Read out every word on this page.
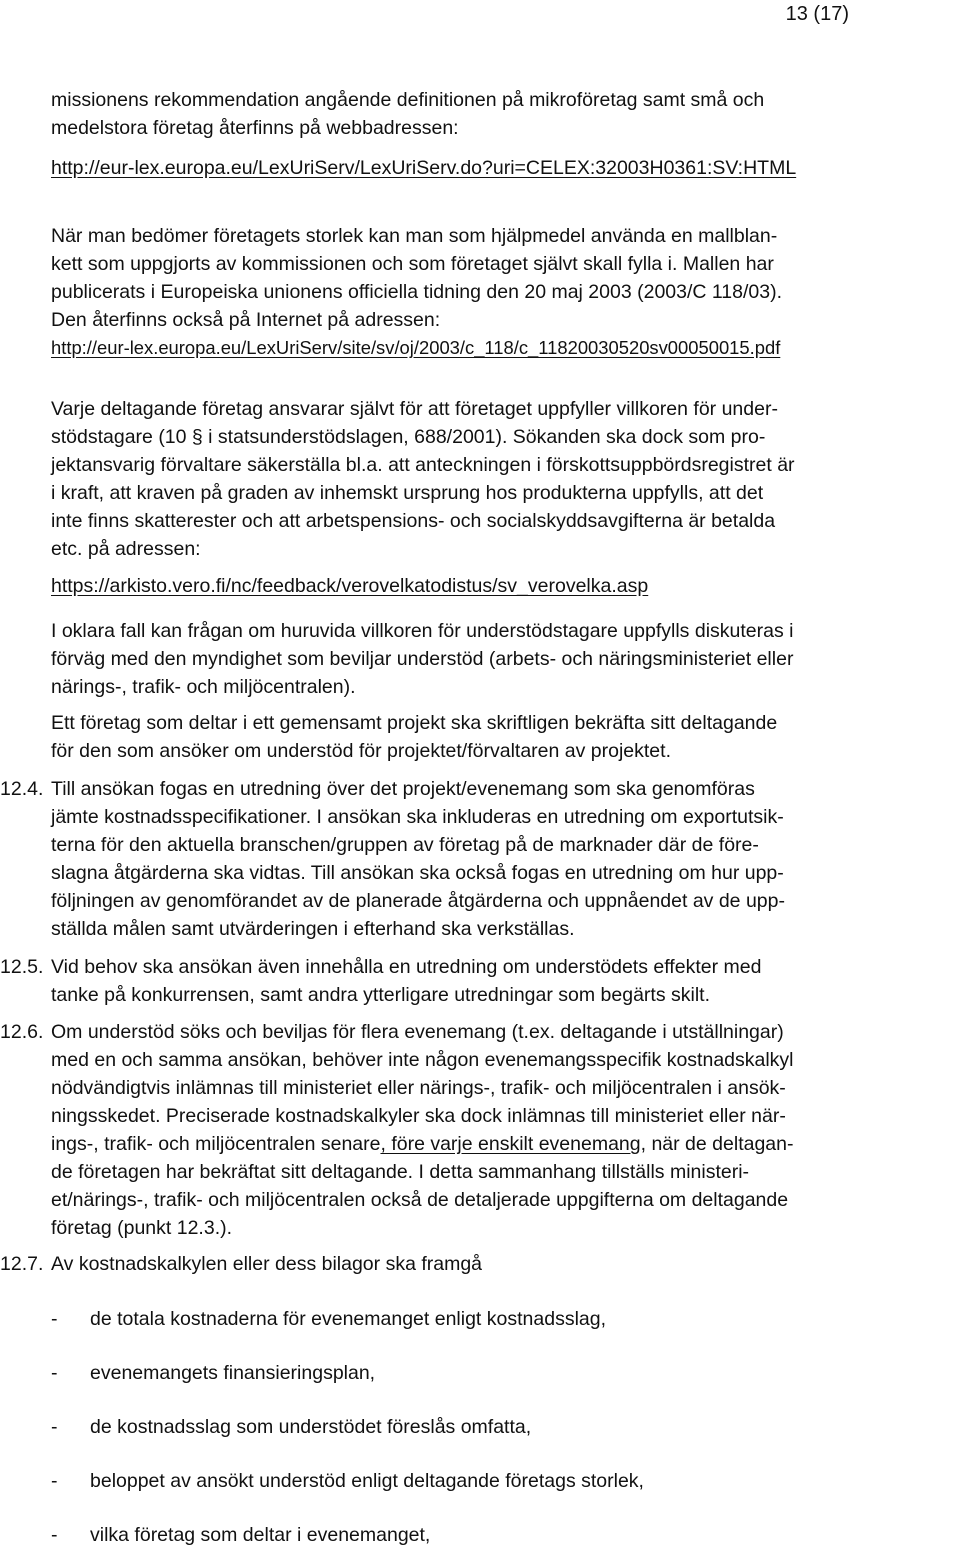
13 (17)
missionens rekommendation angående definitionen på mikroföretag samt små och
medelstora företag återfinns på webbadressen:
http://eur-lex.europa.eu/LexUriServ/LexUriServ.do?uri=CELEX:32003H0361:SV:HTML
När man bedömer företagets storlek kan man som hjälpmedel använda en mallblan-
kett som uppgjorts av kommissionen och som företaget självt skall fylla i. Mallen har
publicerats i Europeiska unionens officiella tidning den 20 maj 2003 (2003/C 118/03).
Den återfinns också på Internet på adressen:
http://eur-lex.europa.eu/LexUriServ/site/sv/oj/2003/c_118/c_11820030520sv00050015.pdf
Varje deltagande företag ansvarar självt för att företaget uppfyller villkoren för under-
stödstagare (10 § i statsunderstödslagen, 688/2001). Sökanden ska dock som pro-
jektansvarig förvaltare säkerställa bl.a. att anteckningen i förskottsuppbördsregistret är
i kraft, att kraven på graden av inhemskt ursprung hos produkterna uppfylls, att det
inte finns skatterester och att arbetspensions- och socialskyddsavgifterna är betalda
etc. på adressen:
https://arkisto.vero.fi/nc/feedback/verovelkatodistus/sv_verovelka.asp
I oklara fall kan frågan om huruvida villkoren för understödstagare uppfylls diskuteras i
förväg med den myndighet som beviljar understöd (arbets- och näringsministeriet eller
närings-, trafik- och miljöcentralen).
Ett företag som deltar i ett gemensamt projekt ska skriftligen bekräfta sitt deltagande
för den som ansöker om understöd för projektet/förvaltaren av projektet.
12.4. Till ansökan fogas en utredning över det projekt/evenemang som ska genomföras
jämte kostnadsspecifikationer. I ansökan ska inkluderas en utredning om exportutsik-
terna för den aktuella branschen/gruppen av företag på de marknader där de före-
slagna åtgärderna ska vidtas. Till ansökan ska också fogas en utredning om hur upp-
följningen av genomförandet av de planerade åtgärderna och uppnåendet av de upp-
ställda målen samt utvärderingen i efterhand ska verkställas.
12.5. Vid behov ska ansökan även innehålla en utredning om understödets effekter med
tanke på konkurrensen, samt andra ytterligare utredningar som begärts skilt.
12.6. Om understöd söks och beviljas för flera evenemang (t.ex. deltagande i utställningar)
med en och samma ansökan, behöver inte någon evenemangsspecifik kostnadskalkyl
nödvändigtvis inlämnas till ministeriet eller närings-, trafik- och miljöcentralen i ansök-
ningsskedet. Preciserade kostnadskalkyler ska dock inlämnas till ministeriet eller när-
ings-, trafik- och miljöcentralen senare, före varje enskilt evenemang, när de deltagan-
de företagen har bekräftat sitt deltagande. I detta sammanhang tillställs ministeri-
et/närings-, trafik- och miljöcentralen också de detaljerade uppgifterna om deltagande
företag (punkt 12.3.).
12.7. Av kostnadskalkylen eller dess bilagor ska framgå
- de totala kostnaderna för evenemanget enligt kostnadsslag,
- evenemangets finansieringsplan,
- de kostnadsslag som understödet föreslås omfatta,
- beloppet av ansökt understöd enligt deltagande företags storlek,
- vilka företag som deltar i evenemanget,
